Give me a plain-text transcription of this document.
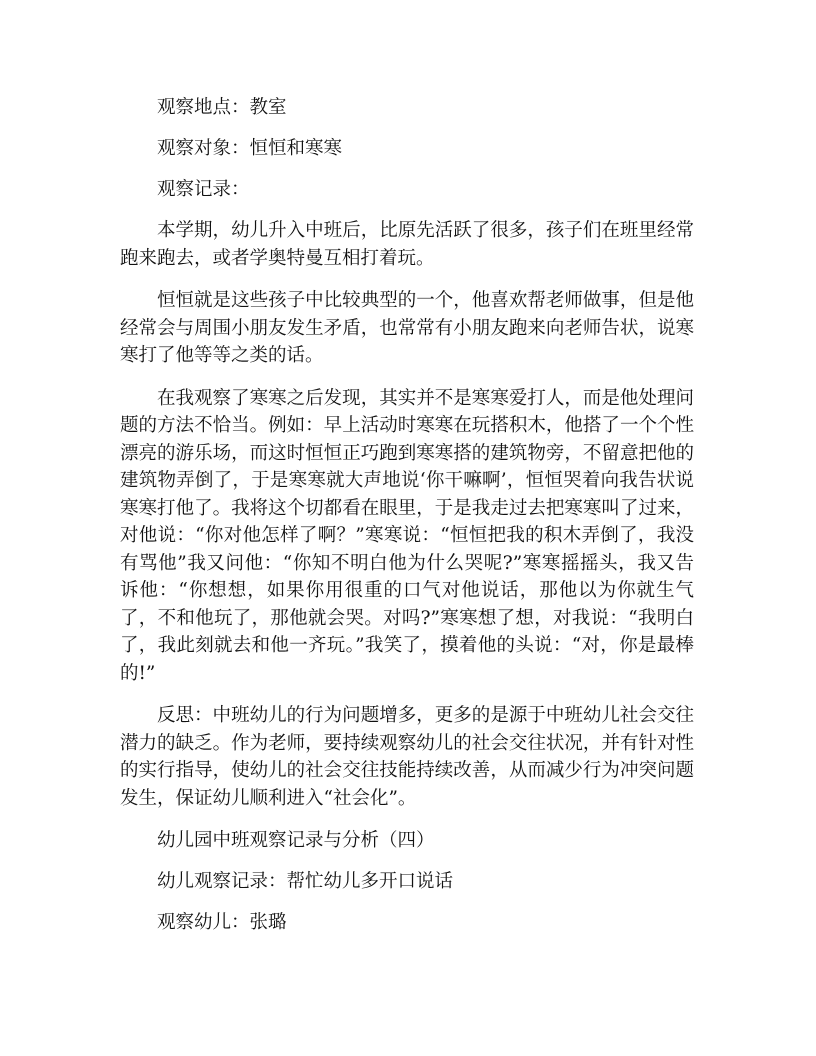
观察地点：教室

观察对象：恒恒和寒寒

观察记录：

本学期，幼儿升入中班后，比原先活跃了很多，孩子们在班里经常跑来跑去，或者学奥特曼互相打着玩。

恒恒就是这些孩子中比较典型的一个，他喜欢帮老师做事，但是他经常会与周围小朋友发生矛盾，也常常有小朋友跑来向老师告状，说寒寒打了他等等之类的话。

在我观察了寒寒之后发现，其实并不是寒寒爱打人，而是他处理问题的方法不恰当。例如：早上活动时寒寒在玩搭积木，他搭了一个个性漂亮的游乐场，而这时恒恒正巧跑到寒寒搭的建筑物旁，不留意把他的建筑物弄倒了，于是寒寒就大声地说‘你干嘛啊’，恒恒哭着向我告状说寒寒打他了。我将这个切都看在眼里，于是我走过去把寒寒叫了过来，对他说：“你对他怎样了啊？”寒寒说：“恒恒把我的积木弄倒了，我没有骂他”我又问他：“你知不明白他为什么哭呢?”寒寒摇摇头，我又告诉他：“你想想，如果你用很重的口气对他说话，那他以为你就生气了，不和他玩了，那他就会哭。对吗?”寒寒想了想，对我说：“我明白了，我此刻就去和他一齐玩。”我笑了，摸着他的头说：“对，你是最棒的!”

反思：中班幼儿的行为问题增多，更多的是源于中班幼儿社会交往潜力的缺乏。作为老师，要持续观察幼儿的社会交往状况，并有针对性的实行指导，使幼儿的社会交往技能持续改善，从而减少行为冲突问题发生，保证幼儿顺利进入“社会化”。

幼儿园中班观察记录与分析（四）

幼儿观察记录：帮忙幼儿多开口说话

观察幼儿：张璐
